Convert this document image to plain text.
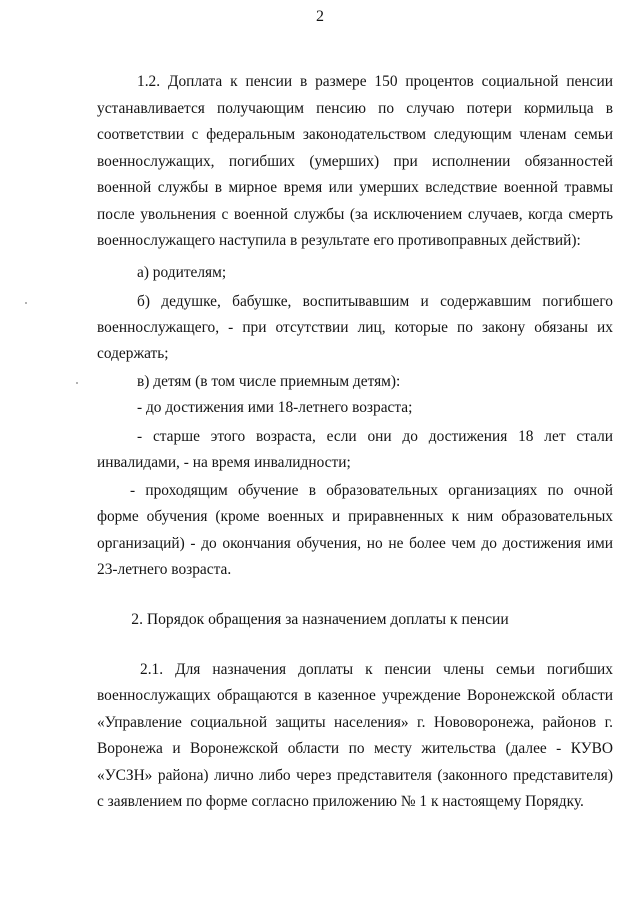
2
1.2. Доплата к пенсии в размере 150 процентов социальной пенсии
устанавливается получающим пенсию по случаю потери кормильца в
соответствии с федеральным законодательством следующим членам семьи
военнослужащих, погибших (умерших) при исполнении обязанностей
военной службы в мирное время или умерших вследствие военной травмы
после увольнения с военной службы (за исключением случаев, когда смерть
военнослужащего наступила в результате его противоправных действий):
а) родителям;
б) дедушке, бабушке, воспитывавшим и содержавшим погибшего
военнослужащего, - при отсутствии лиц, которые по закону обязаны их
содержать;
в) детям (в том числе приемным детям):
- до достижения ими 18-летнего возраста;
- старше этого возраста, если они до достижения 18 лет стали
инвалидами, - на время инвалидности;
- проходящим обучение в образовательных организациях по очной
форме обучения (кроме военных и приравненных к ним образовательных
организаций) - до окончания обучения, но не более чем до достижения ими
23-летнего возраста.
2. Порядок обращения за назначением доплаты к пенсии
2.1. Для назначения доплаты к пенсии члены семьи погибших
военнослужащих обращаются в казенное учреждение Воронежской области
«Управление социальной защиты населения» г. Нововоронежа, районов г.
Воронежа и Воронежской области по месту жительства (далее - КУВО
«УСЗН» района) лично либо через представителя (законного представителя)
с заявлением по форме согласно приложению № 1 к настоящему Порядку.
